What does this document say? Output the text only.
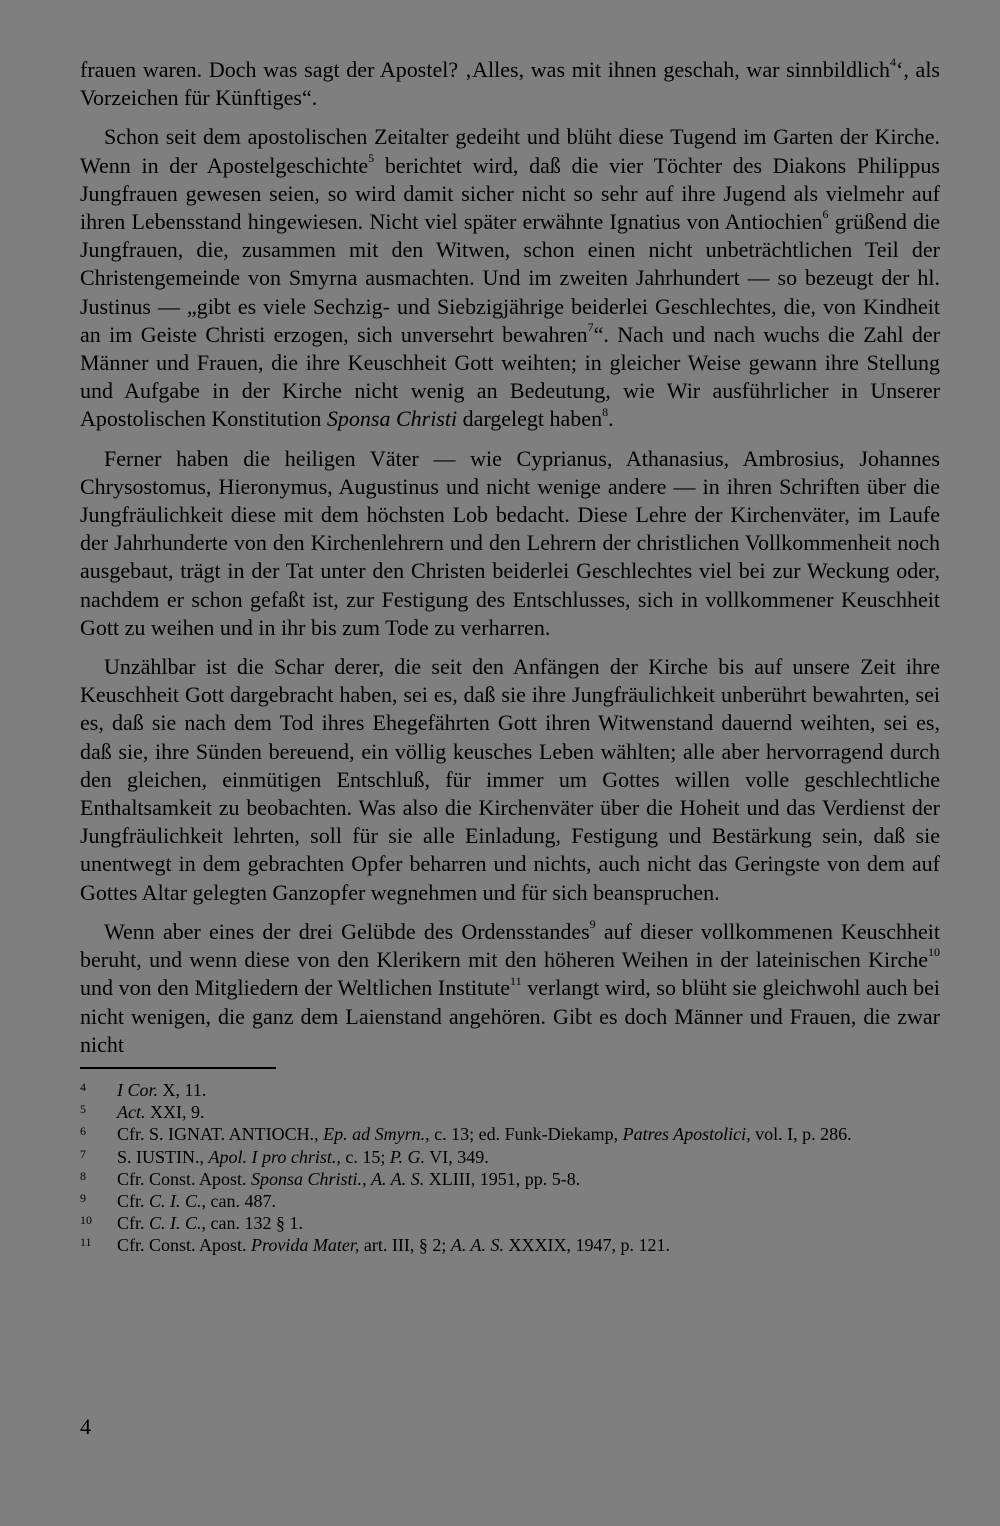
frauen waren. Doch was sagt der Apostel? ‚Alles, was mit ihnen geschah, war sinnbildlich$^4$‘, als Vorzeichen für Künftiges“.

Schon seit dem apostolischen Zeitalter gedeiht und blüht diese Tugend im Garten der Kirche. Wenn in der Apostelgeschichte$^5$ berichtet wird, daß die vier Töchter des Diakons Philippus Jungfrauen gewesen seien, so wird damit sicher nicht so sehr auf ihre Jugend als vielmehr auf ihren Lebensstand hingewiesen. Nicht viel später erwähnte Ignatius von Antiochien$^6$ grüßend die Jungfrauen, die, zusammen mit den Witwen, schon einen nicht unbeträchtlichen Teil der Christengemeinde von Smyrna ausmachten. Und im zweiten Jahrhundert — so bezeugt der hl. Justinus — „gibt es viele Sechzig- und Siebzigjährige beiderlei Geschlechtes, die, von Kindheit an im Geiste Christi erzogen, sich unversehrt bewahren$^7$“. Nach und nach wuchs die Zahl der Männer und Frauen, die ihre Keuschheit Gott weihten; in gleicher Weise gewann ihre Stellung und Aufgabe in der Kirche nicht wenig an Bedeutung, wie Wir ausführlicher in Unserer Apostolischen Konstitution Sponsa Christi dargelegt haben$^8$.

Ferner haben die heiligen Väter — wie Cyprianus, Athanasius, Ambrosius, Johannes Chrysostomus, Hieronymus, Augustinus und nicht wenige andere — in ihren Schriften über die Jungfräulichkeit diese mit dem höchsten Lob bedacht. Diese Lehre der Kirchenväter, im Laufe der Jahrhunderte von den Kirchenlehrern und den Lehrern der christlichen Vollkommenheit noch ausgebaut, trägt in der Tat unter den Christen beiderlei Geschlechtes viel bei zur Weckung oder, nachdem er schon gefaßt ist, zur Festigung des Entschlusses, sich in vollkommener Keuschheit Gott zu weihen und in ihr bis zum Tode zu verharren.

Unzählbar ist die Schar derer, die seit den Anfängen der Kirche bis auf unsere Zeit ihre Keuschheit Gott dargebracht haben, sei es, daß sie ihre Jungfräulichkeit unberührt bewahrten, sei es, daß sie nach dem Tod ihres Ehegefährten Gott ihren Witwenstand dauernd weihten, sei es, daß sie, ihre Sünden bereuend, ein völlig keusches Leben wählten; alle aber hervorragend durch den gleichen, einmütigen Entschluß, für immer um Gottes willen volle geschlechtliche Enthaltsamkeit zu beobachten. Was also die Kirchenväter über die Hoheit und das Verdienst der Jungfräulichkeit lehrten, soll für sie alle Einladung, Festigung und Bestärkung sein, daß sie unentwegt in dem gebrachten Opfer beharren und nichts, auch nicht das Geringste von dem auf Gottes Altar gelegten Ganzopfer wegnehmen und für sich beanspruchen.

Wenn aber eines der drei Gelübde des Ordensstandes$^9$ auf dieser vollkommenen Keuschheit beruht, und wenn diese von den Klerikern mit den höheren Weihen in der lateinischen Kirche$^{10}$ und von den Mitgliedern der Weltlichen Institute$^{11}$ verlangt wird, so blüht sie gleichwohl auch bei nicht wenigen, die ganz dem Laienstand angehören. Gibt es doch Männer und Frauen, die zwar nicht

4	I Cor. X, 11.
5	Act. XXI, 9.
6	Cfr. S. IGNAT. ANTIOCH., Ep. ad Smyrn., c. 13; ed. Funk-Diekamp, Patres Apostolici, vol. I, p. 286.
7	S. IUSTIN., Apol. I pro christ., c. 15; P. G. VI, 349.
8	Cfr. Const. Apost. Sponsa Christi., A. A. S. XLIII, 1951, pp. 5-8.
9	Cfr. C. I. C., can. 487.
10	Cfr. C. I. C., can. 132 § 1.
11	Cfr. Const. Apost. Provida Mater, art. III, § 2; A. A. S. XXXIX, 1947, p. 121.
4
